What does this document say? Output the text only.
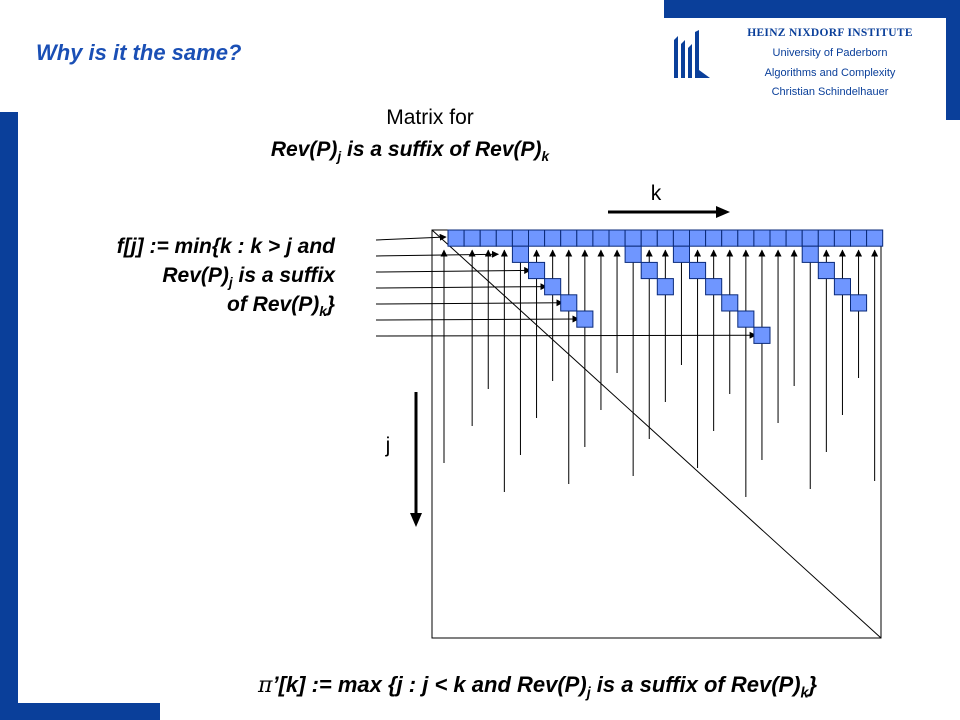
Why is it the same?
HEINZ NIXDORF INSTITUTE
University of Paderborn
Algorithms and Complexity
Christian Schindelhauer
Matrix for
$Rev(P)_j$ is a suffix of $Rev(P)_k$
f[j] := min{k : k > j and
$Rev(P)_j$ is a suffix
of $Rev(P)_k$}
π’[k] := max {j : j < k and $Rev(P)_j$ is a suffix of $Rev(P)_k$}
k
j
